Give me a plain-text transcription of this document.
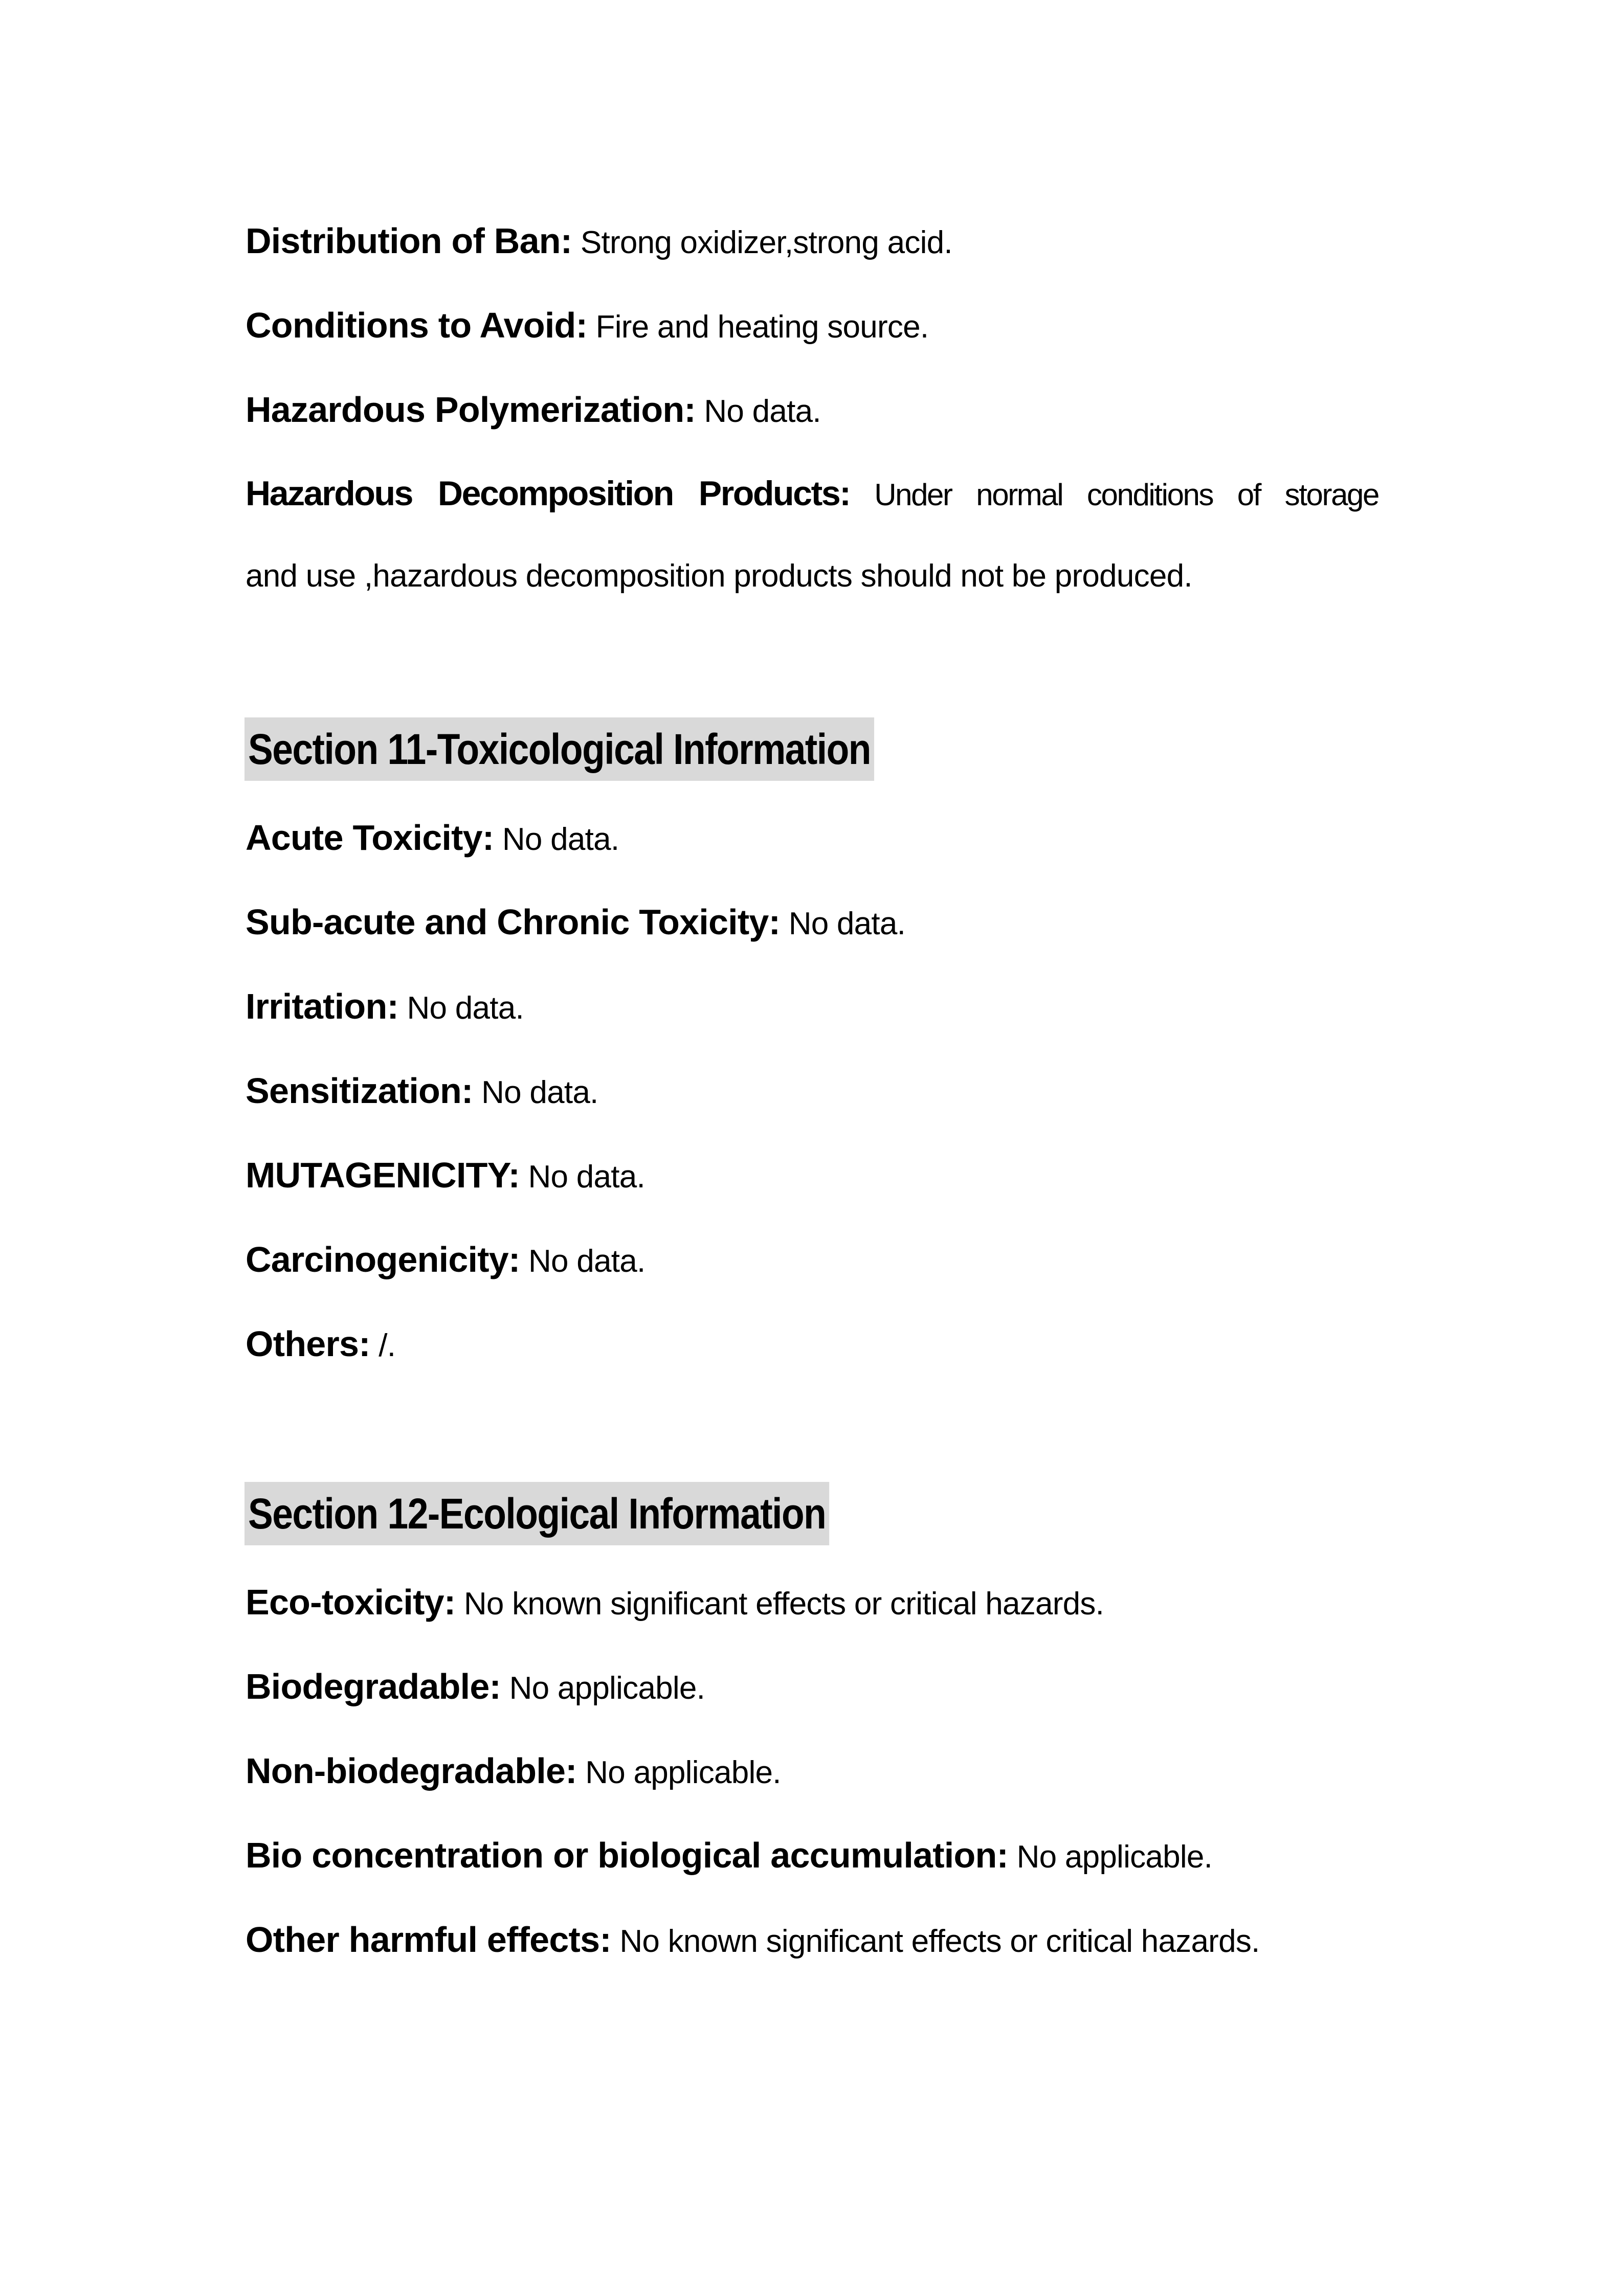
Distribution of Ban: Strong oxidizer,strong acid.
Conditions to Avoid: Fire and heating source.
Hazardous Polymerization: No data.
Hazardous Decomposition Products: Under normal conditions of storage
and use ,hazardous decomposition products should not be produced.
Section 11-Toxicological Information
Acute Toxicity: No data.
Sub-acute and Chronic Toxicity: No data.
Irritation: No data.
Sensitization: No data.
MUTAGENICITY: No data.
Carcinogenicity: No data.
Others: /.
Section 12-Ecological Information
Eco-toxicity: No known significant effects or critical hazards.
Biodegradable: No applicable.
Non-biodegradable: No applicable.
Bio concentration or biological accumulation: No applicable.
Other harmful effects: No known significant effects or critical hazards.
